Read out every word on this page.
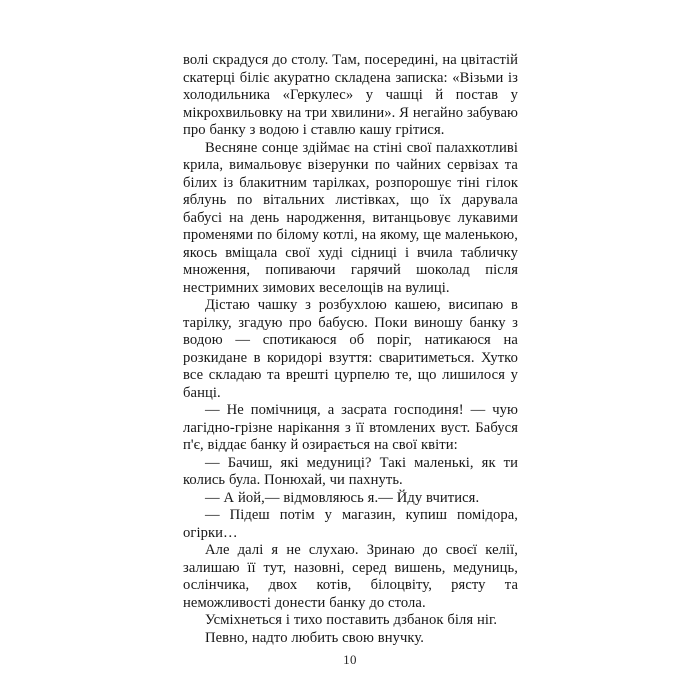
волі скрадуся до столу. Там, посередині, на цвітастій скатерці біліє акуратно складена записка: «Візьми із холодильника «Геркулес» у чашці й постав у мікрохвильовку на три хвилини». Я негайно забуваю про банку з водою і ставлю кашу грітися.

Весняне сонце здіймає на стіні свої палахкотливі крила, вимальовує візерунки по чайних сервізах та білих із блакитним тарілках, розпорошує тіні гілок яблунь по вітальних листівках, що їх дарувала бабусі на день народження, витанцьовує лукавими променями по білому котлі, на якому, ще маленькою, якось вміщала свої худі сідниці і вчила табличку множення, попиваючи гарячий шоколад після нестримних зимових веселощів на вулиці.

Дістаю чашку з розбухлою кашею, висипаю в тарілку, згадую про бабусю. Поки виношу банку з водою — спотикаюся об поріг, натикаюся на розкидане в коридорі взуття: сваритиметься. Хутко все складаю та врешті цурпелю те, що лишилося у банці.

— Не помічниця, а засрата господиня! — чую лагідно-грізне нарікання з її втомлених вуст. Бабуся п'є, віддає банку й озирається на свої квіти:

— Бачиш, які медуниці? Такі маленькі, як ти колись була. Понюхай, чи пахнуть.

— А йой,— відмовляюсь я.— Йду вчитися.

— Підеш потім у магазин, купиш помідора, огірки…

Але далі я не слухаю. Зринаю до своєї келії, залишаю її тут, назовні, серед вишень, медуниць, ослінчика, двох котів, білоцвіту, рясту та неможливості донести банку до стола.

Усміхнеться і тихо поставить дзбанок біля ніг.

Певно, надто любить свою внучку.

10
